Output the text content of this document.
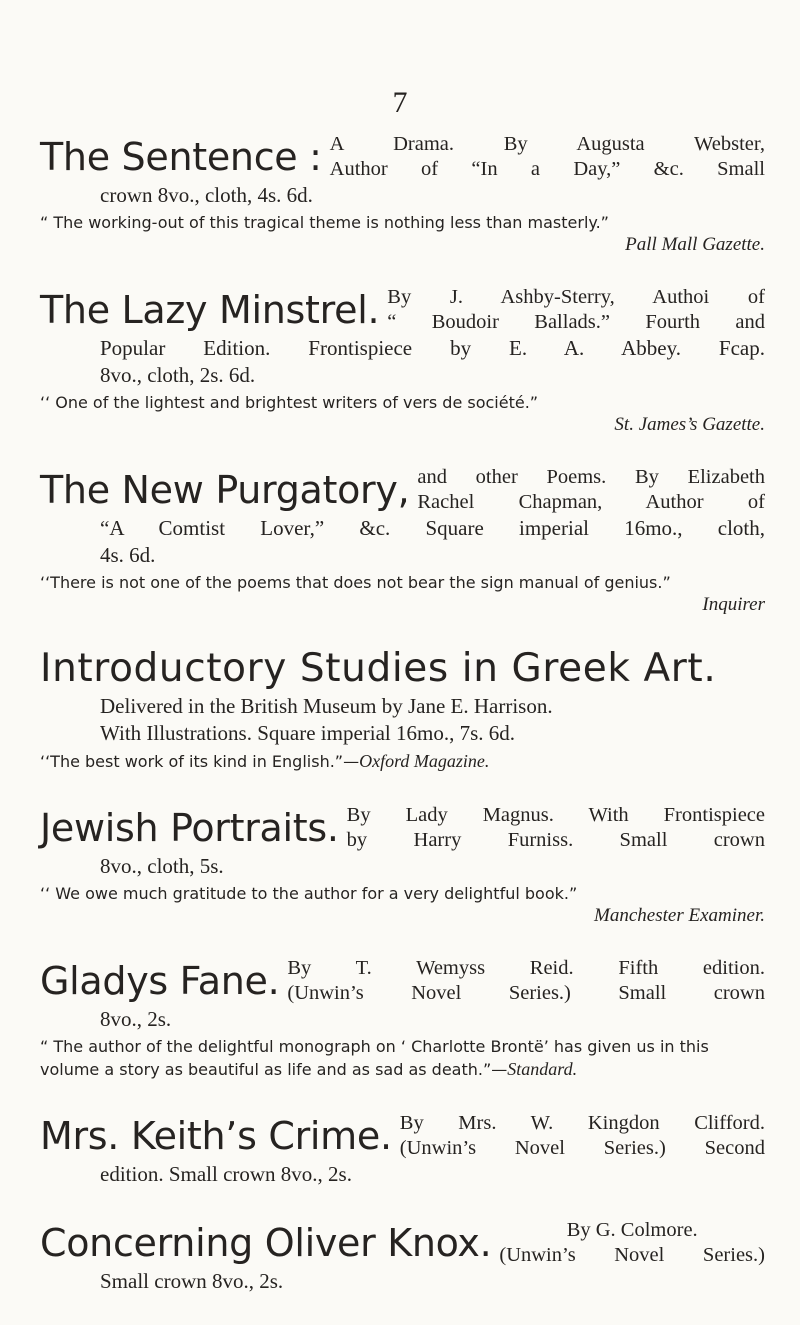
7
The Sentence : A Drama. By Augusta Webster,
Author of “In a Day,” &c. Small
crown 8vo., cloth, 4s. 6d.
“ The working-out of this tragical theme is nothing less than masterly.”
Pall Mall Gazette.
The Lazy Minstrel. By J. Ashby-Sterry, Authoi of
“ Boudoir Ballads.” Fourth and
Popular Edition. Frontispiece by E. A. Abbey. Fcap.
8vo., cloth, 2s. 6d.
‘‘ One of the lightest and brightest writers of vers de société.”
St. James’s Gazette.
The New Purgatory, and other Poems. By Elizabeth
Rachel Chapman, Author of
“A Comtist Lover,” &c. Square imperial 16mo., cloth,
4s. 6d.
‘‘There is not one of the poems that does not bear the sign manual of genius.”
Inquirer
Introductory Studies in Greek Art.
Delivered in the British Museum by Jane E. Harrison.
With Illustrations. Square imperial 16mo., 7s. 6d.
‘‘The best work of its kind in English.”—Oxford Magazine.
Jewish Portraits. By Lady Magnus. With Frontispiece
by Harry Furniss. Small crown
8vo., cloth, 5s.
‘‘ We owe much gratitude to the author for a very delightful book.”
Manchester Examiner.
Gladys Fane. By T. Wemyss Reid. Fifth edition.
(Unwin’s Novel Series.) Small crown
8vo., 2s.
“ The author of the delightful monograph on ‘ Charlotte Brontë’ has given us in this volume a story as beautiful as life and as sad as death.”—Standard.
Mrs. Keith’s Crime. By Mrs. W. Kingdon Clifford.
(Unwin’s Novel Series.) Second
edition. Small crown 8vo., 2s.
Concerning Oliver Knox.	By G. Colmore.
(Unwin’s Novel Series.)
Small crown 8vo., 2s.
